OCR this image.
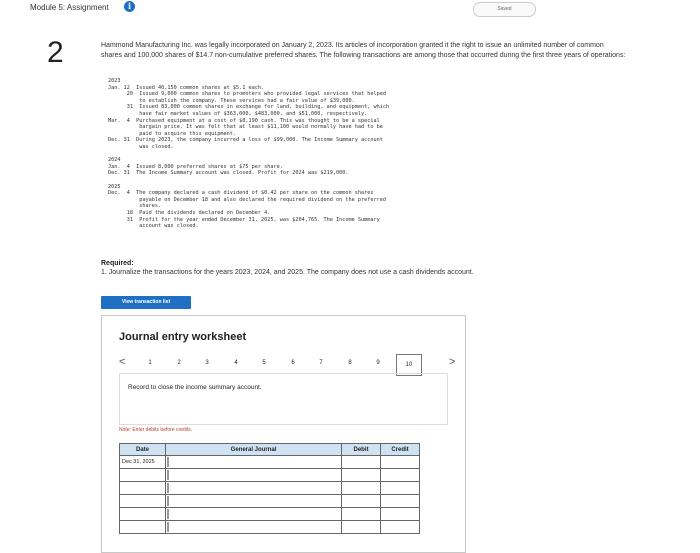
Module 5: Assignment	i	Saved
2	Hammond Manufacturing Inc. was legally incorporated on January 2, 2023. Its articles of incorporation granted it the right to issue an unlimited number of common shares and 100,000 shares of $14.7 non-cumulative preferred shares. The following transactions are among those that occurred during the first three years of operations:
2023
Jan. 12  Issued 40,150 common shares at $5.1 each.
20  Issued 9,000 common shares to promoters who provided legal services that helped
to establish the company. These services had a fair value of $39,000.
31  Issued 83,000 common shares in exchange for land, building, and equipment, which
have fair market values of $363,000, $483,000, and $51,000, respectively.
Mar.  4  Purchased equipment at a cost of $8,190 cash. This was thought to be a special
bargain price. It was felt that at least $11,100 would normally have had to be
paid to acquire this equipment.
Dec. 31  During 2023, the company incurred a loss of $99,000. The Income Summary account
was closed.
2024
Jan.  4  Issued 8,000 preferred shares at $75 per share.
Dec. 31  The Income Summary account was closed. Profit for 2024 was $219,000.
2025
Dec.  4  The company declared a cash dividend of $0.42 per share on the common shares
payable on December 18 and also declared the required dividend on the preferred
shares.
18  Paid the dividends declared on December 4.
31  Profit for the year ended December 31, 2025, was $204,765. The Income Summary
account was closed.
Required:
1. Journalize the transactions for the years 2023, 2024, and 2025. The company does not use a cash dividends account.
View transaction list
Journal entry worksheet
<	1	2	3	4	5	6	7	8	9	10	>
Record to close the income summary account.
Note: Enter debits before credits.
Date	General Journal	Debit	Credit
Dec 31, 2025	
